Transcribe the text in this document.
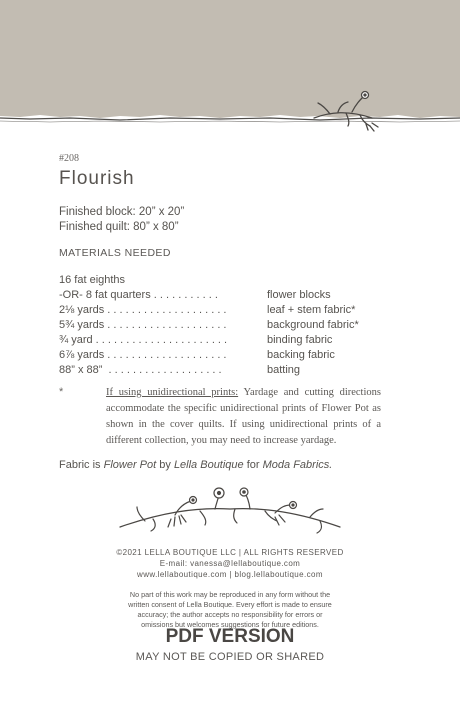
#208
Flourish
Finished block: 20” x 20”
Finished quilt: 80” x 80”
MATERIALS NEEDED
16 fat eighths
-OR- 8 fat quarters . . . . . . . . . . .	flower blocks
2⅛ yards . . . . . . . . . . . . . . . . . . . .	leaf + stem fabric*
5¾ yards . . . . . . . . . . . . . . . . . . . .	background fabric*
¾ yard . . . . . . . . . . . . . . . . . . . . . .	binding fabric
6⅞ yards . . . . . . . . . . . . . . . . . . . .	backing fabric
88” x 88”  . . . . . . . . . . . . . . . . . . .	batting
*	If using unidirectional prints: Yardage and cutting directions accommodate the specific unidirectional prints of Flower Pot as shown in the cover quilts. If using unidirectional prints of a different collection, you may need to increase yardage.
Fabric is Flower Pot by Lella Boutique for Moda Fabrics.
©2021 LELLA BOUTIQUE LLC | ALL RIGHTS RESERVED
E-mail: vanessa@lellaboutique.com
www.lellaboutique.com | blog.lellaboutique.com
No part of this work may be reproduced in any form without the
written consent of Lella Boutique. Every effort is made to ensure
accuracy; the author accepts no responsibility for errors or
omissions but welcomes suggestions for future editions.
PDF VERSION
MAY NOT BE COPIED OR SHARED
